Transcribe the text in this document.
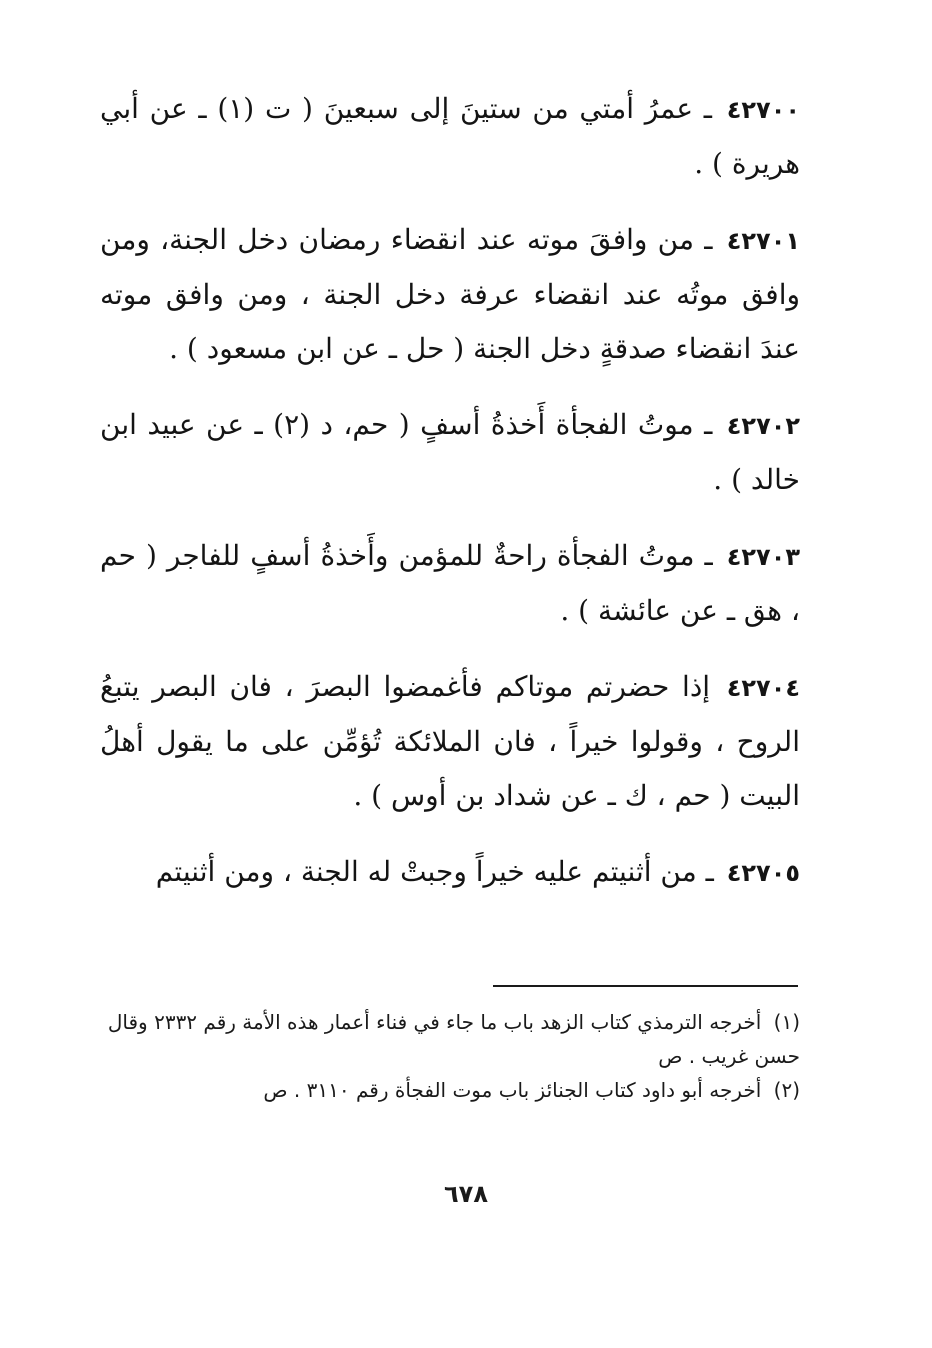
٤٢٧٠٠ ـ عمرُ أمتي من ستينَ إلى سبعينَ ( ت (١) ـ عن أبي هريرة ) .

٤٢٧٠١ ـ من وافقَ موته عند انقضاء رمضان دخل الجنة، ومن وافق موتُه عند انقضاء عرفة دخل الجنة ، ومن وافق موته عندَ انقضاء صدقةٍ دخل الجنة ( حل ـ عن ابن مسعود ) .

٤٢٧٠٢ ـ موتُ الفجأة أَخذةُ أسفٍ ( حم، د (٢) ـ عن عبيد ابن خالد ) .

٤٢٧٠٣ ـ موتُ الفجأة راحةٌ للمؤمن وأَخذةُ أسفٍ للفاجر ( حم ، هق ـ عن عائشة ) .

٤٢٧٠٤ إذا حضرتم موتاكم فأغمضوا البصرَ ، فان البصر يتبعُ الروح ، وقولوا خيراً ، فان الملائكة تُؤمِّن على ما يقول أهلُ البيت ( حم ، ك ـ عن شداد بن أوس ) .

٤٢٧٠٥ ـ من أثنيتم عليه خيراً وجبتْ له الجنة ، ومن أثنيتم

(١) أخرجه الترمذي كتاب الزهد باب ما جاء في فناء أعمار هذه الأمة رقم ٢٣٣٢ وقال حسن غريب . ص

(٢) أخرجه أبو داود كتاب الجنائز باب موت الفجأة رقم ٣١١٠ . ص

٦٧٨
